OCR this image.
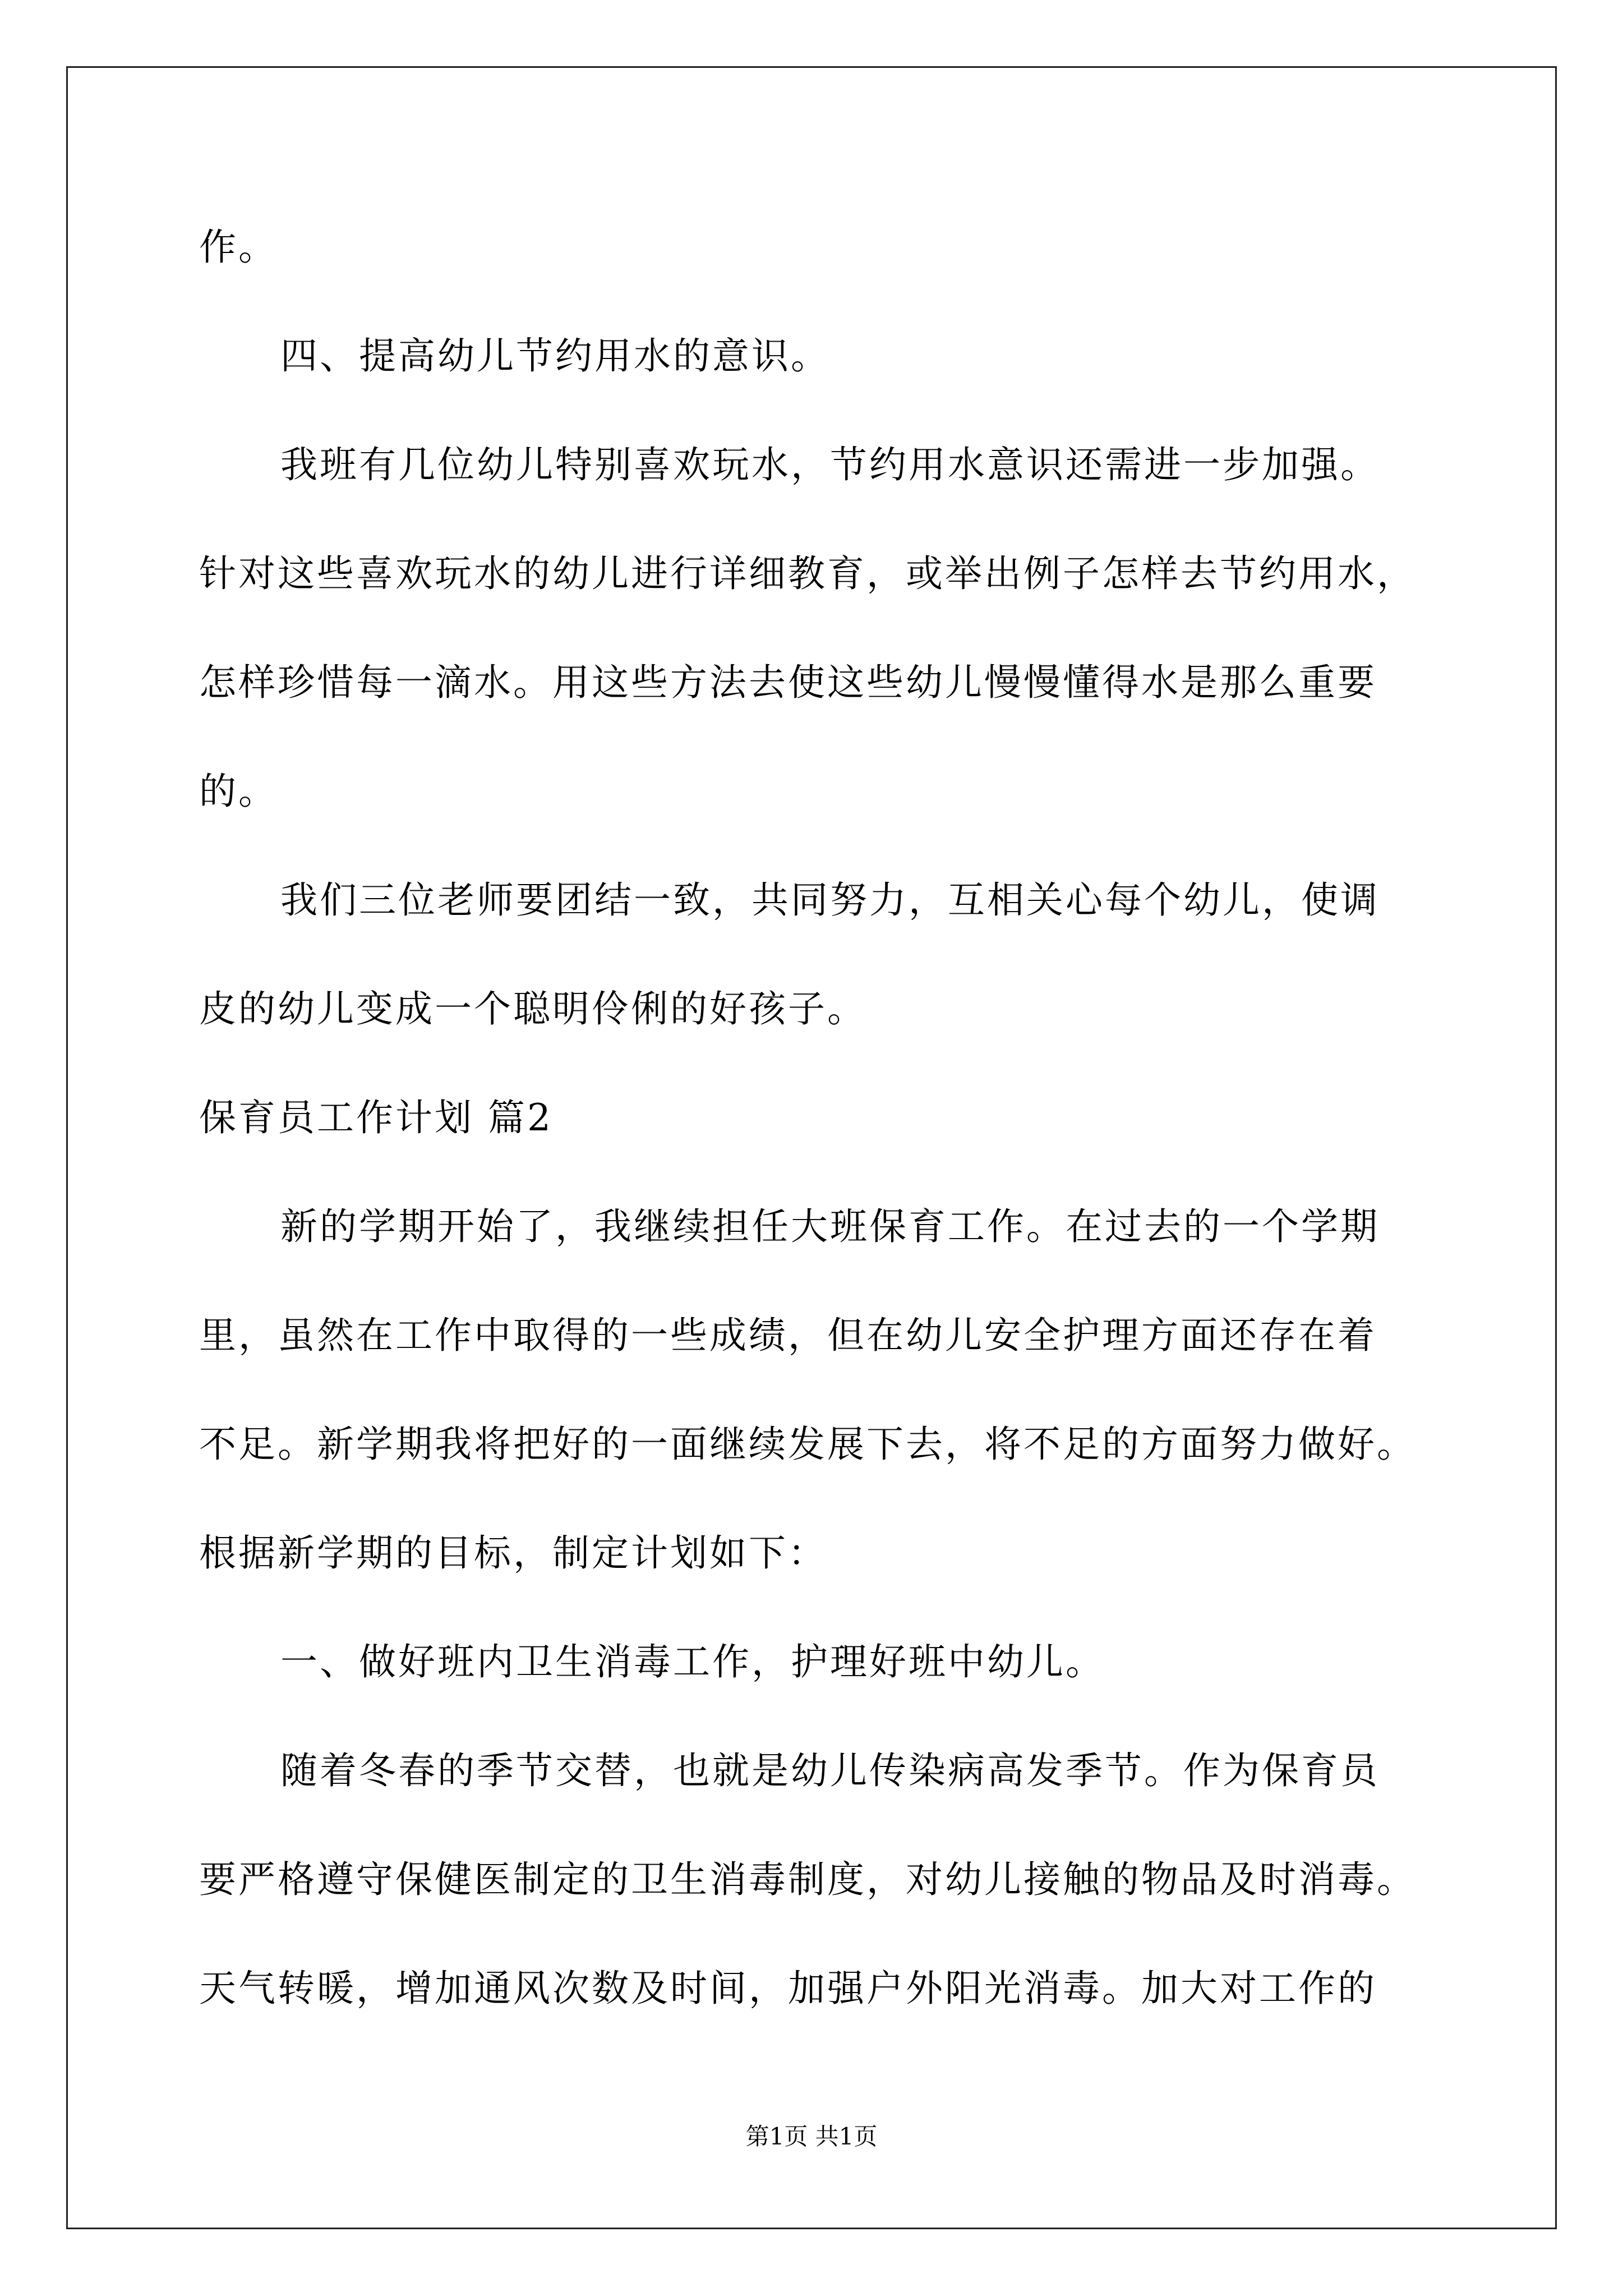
作。

四、提高幼儿节约用水的意识。

我班有几位幼儿特别喜欢玩水，节约用水意识还需进一步加强。

针对这些喜欢玩水的幼儿进行详细教育，或举出例子怎样去节约用水，

怎样珍惜每一滴水。用这些方法去使这些幼儿慢慢懂得水是那么重要

的。

我们三位老师要团结一致，共同努力，互相关心每个幼儿，使调

皮的幼儿变成一个聪明伶俐的好孩子。

保育员工作计划 篇2

新的学期开始了，我继续担任大班保育工作。在过去的一个学期

里，虽然在工作中取得的一些成绩，但在幼儿安全护理方面还存在着

不足。新学期我将把好的一面继续发展下去，将不足的方面努力做好。

根据新学期的目标，制定计划如下：

一、做好班内卫生消毒工作，护理好班中幼儿。

随着冬春的季节交替，也就是幼儿传染病高发季节。作为保育员

要严格遵守保健医制定的卫生消毒制度，对幼儿接触的物品及时消毒。

天气转暖，增加通风次数及时间，加强户外阳光消毒。加大对工作的

第1页 共1页
